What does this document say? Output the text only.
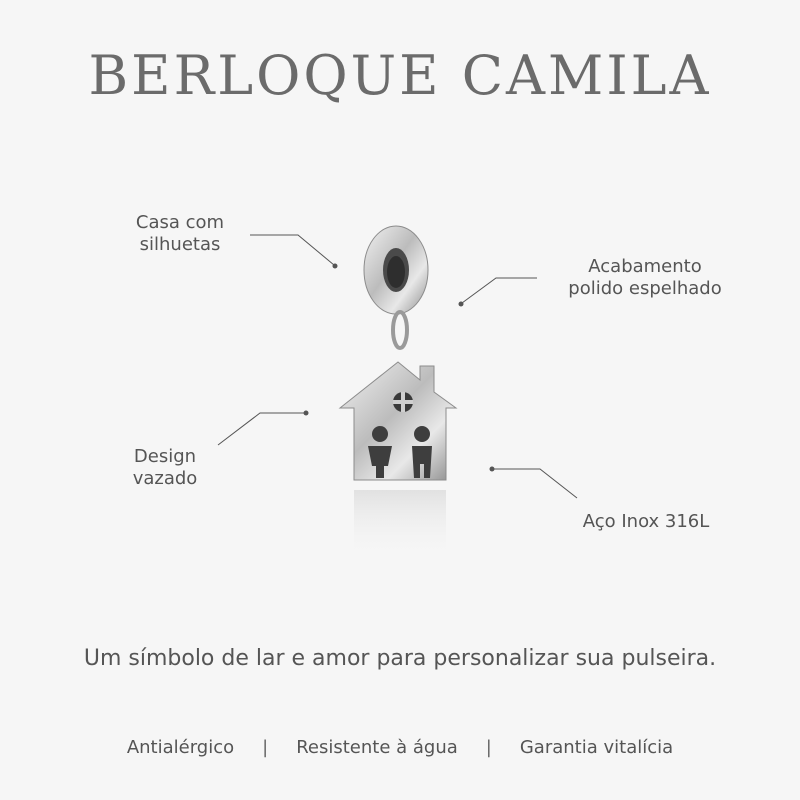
BERLOQUE CAMILA
Casa com
silhuetas
Acabamento
polido espelhado
Design
vazado
Aço Inox 316L
Um símbolo de lar e amor para personalizar sua pulseira.
Antialérgico | Resistente à água | Garantia vitalícia
